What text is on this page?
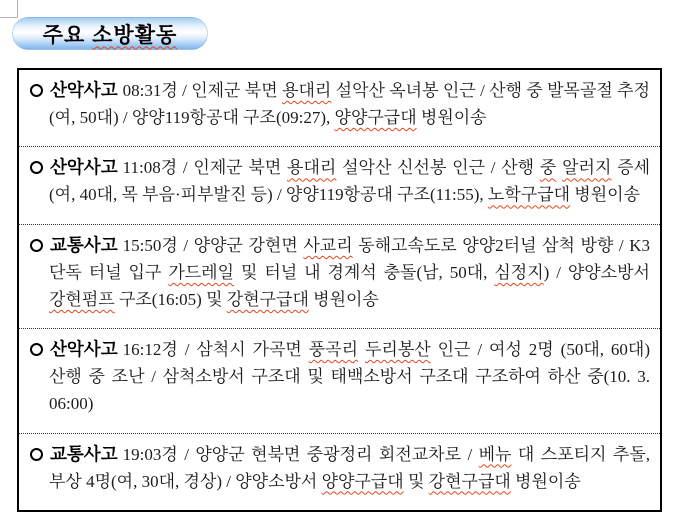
주요 소방활동

산악사고 08:31경 / 인제군 북면 용대리 설악산 옥녀봉 인근 / 산행 중 발목골절 추정(여, 50대) / 양양119항공대 구조(09:27), 양양구급대 병원이송

산악사고 11:08경 / 인제군 북면 용대리 설악산 신선봉 인근 / 산행 중 알러지 증세(여, 40대, 목 부음·피부발진 등) / 양양119항공대 구조(11:55), 노학구급대 병원이송

교통사고 15:50경 / 양양군 강현면 사교리 동해고속도로 양양2터널 삼척 방향 / K3 단독 터널 입구 가드레일 및 터널 내 경계석 충돌(남, 50대, 심정지) / 양양소방서 강현펌프 구조(16:05) 및 강현구급대 병원이송

산악사고 16:12경 / 삼척시 가곡면 풍곡리 두리봉산 인근 / 여성 2명 (50대, 60대) 산행 중 조난 / 삼척소방서 구조대 및 태백소방서 구조대 구조하여 하산 중(10. 3. 06:00)

교통사고 19:03경 / 양양군 현북면 중광정리 회전교차로 / 베뉴 대 스포티지 추돌, 부상 4명(여, 30대, 경상) / 양양소방서 양양구급대 및 강현구급대 병원이송
